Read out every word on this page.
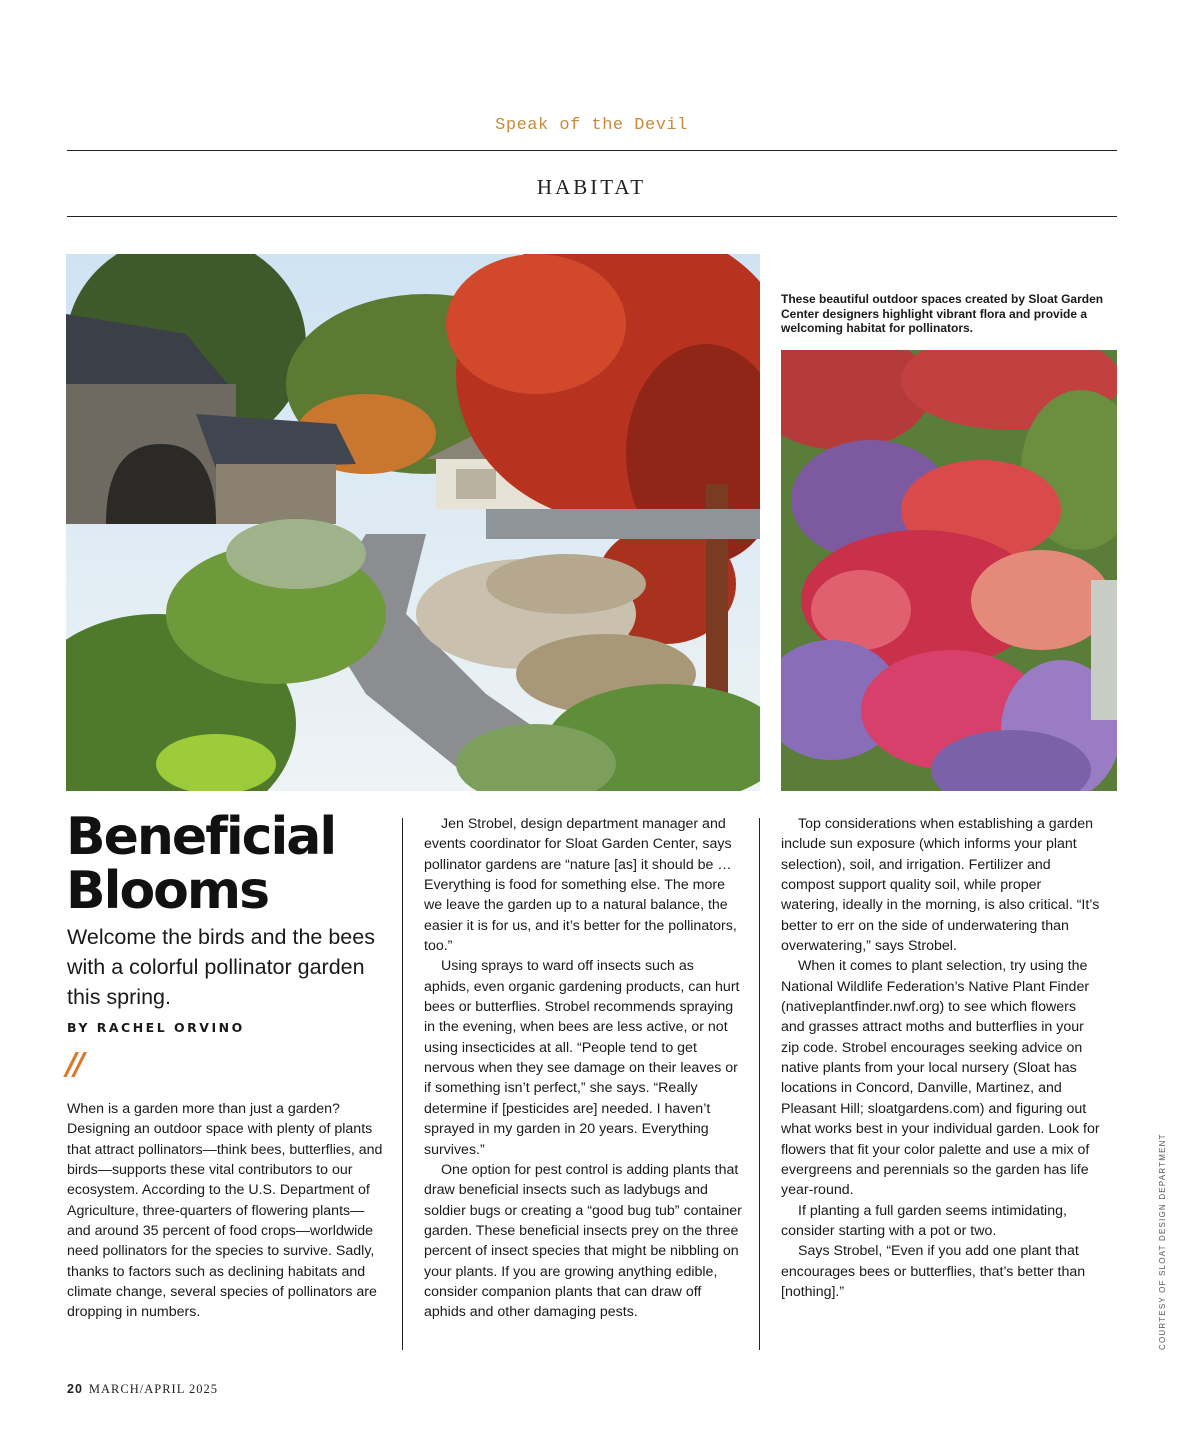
Speak of the Devil
HABITAT
These beautiful outdoor spaces created by Sloat Garden Center designers highlight vibrant flora and provide a welcoming habitat for pollinators.
Beneficial
Blooms

Welcome the birds and the bees with a colorful pollinator garden this spring.

BY RACHEL ORVINO
//

When is a garden more than just a garden? Designing an outdoor space with plenty of plants that attract pollinators—think bees, butterflies, and birds—supports these vital contributors to our ecosystem. According to the U.S. Department of Agriculture, three-quarters of flowering plants—and around 35 percent of food crops—worldwide need pollinators for the species to survive. Sadly, thanks to factors such as declining habitats and climate change, several species of pollinators are dropping in numbers.

Jen Strobel, design department manager and events coordinator for Sloat Garden Center, says pollinator gardens are “nature [as] it should be … Everything is food for something else. The more we leave the garden up to a natural balance, the easier it is for us, and it’s better for the pollinators, too.”

Using sprays to ward off insects such as aphids, even organic gardening products, can hurt bees or butterflies. Strobel recommends spraying in the evening, when bees are less active, or not using insecticides at all. “People tend to get nervous when they see damage on their leaves or if something isn’t perfect,” she says. “Really determine if [pesticides are] needed. I haven’t sprayed in my garden in 20 years. Everything survives.”

One option for pest control is adding plants that draw beneficial insects such as ladybugs and soldier bugs or creating a “good bug tub” container garden. These beneficial insects prey on the three percent of insect species that might be nibbling on your plants. If you are growing anything edible, consider companion plants that can draw off aphids and other damaging pests.

Top considerations when establishing a garden include sun exposure (which informs your plant selection), soil, and irrigation. Fertilizer and compost support quality soil, while proper watering, ideally in the morning, is also critical. “It’s better to err on the side of underwatering than overwatering,” says Strobel.

When it comes to plant selection, try using the National Wildlife Federation’s Native Plant Finder (nativeplantfinder.nwf.org) to see which flowers and grasses attract moths and butterflies in your zip code. Strobel encourages seeking advice on native plants from your local nursery (Sloat has locations in Concord, Danville, Martinez, and Pleasant Hill; sloatgardens.com) and figuring out what works best in your individual garden. Look for flowers that fit your color palette and use a mix of evergreens and perennials so the garden has life year-round.

If planting a full garden seems intimidating, consider starting with a pot or two.

Says Strobel, “Even if you add one plant that encourages bees or butterflies, that’s better than [nothing].”	COURTESY OF SLOAT DESIGN DEPARTMENT
20 MARCH/APRIL 2025
